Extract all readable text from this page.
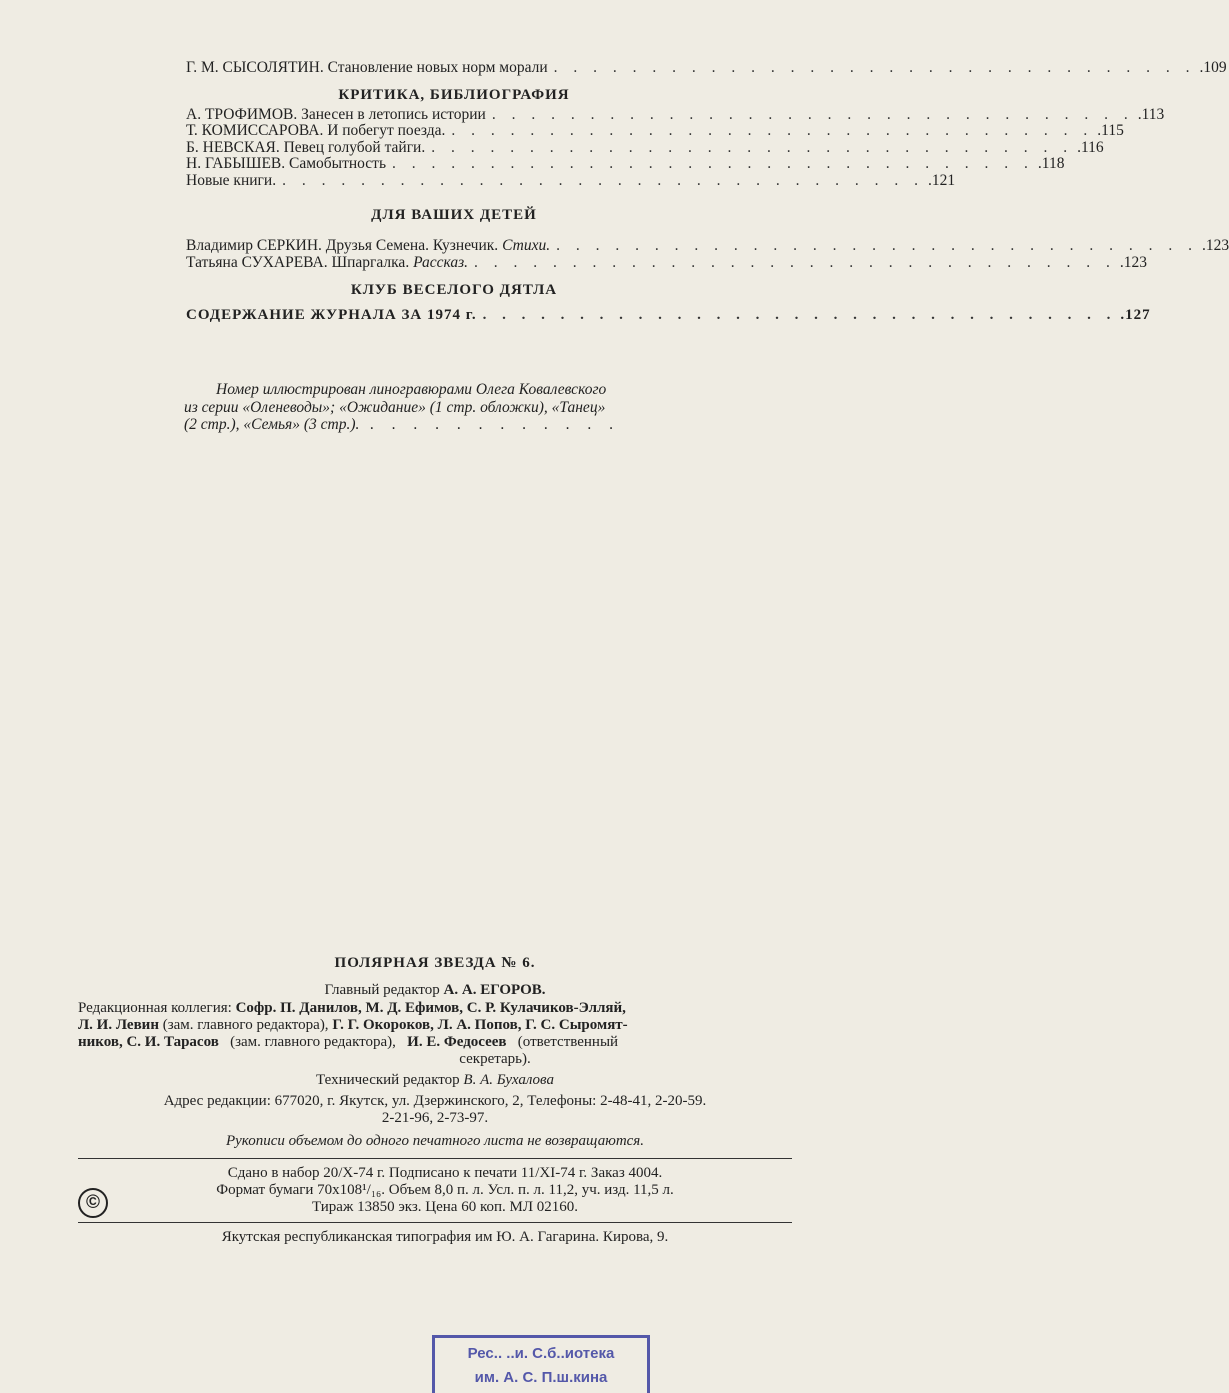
Г. М. СЫСОЛЯТИН. Становление новых норм морали . . . . . . . . . . . . . . . . . . . . . . . . . . . . . . . . . .109
КРИТИКА, БИБЛИОГРАФИЯ
А. ТРОФИМОВ. Занесен в летопись истории . . . . . . . . . . . . . . . . . . . . . . . . . . . . . . . . . .113
Т. КОМИССАРОВА. И побегут поезда. . . . . . . . . . . . . . . . . . . . . . . . . . . . . . . . . . .115
Б. НЕВСКАЯ. Певец голубой тайги. . . . . . . . . . . . . . . . . . . . . . . . . . . . . . . . . . .116
Н. ГАБЫШЕВ. Самобытность . . . . . . . . . . . . . . . . . . . . . . . . . . . . . . . . . .118
Новые книги. . . . . . . . . . . . . . . . . . . . . . . . . . . . . . . . . . .121
ДЛЯ ВАШИХ ДЕТЕЙ
Владимир СЕРКИН. Друзья Семена. Кузнечик. Стихи. . . . . . . . . . . . . . . . . . . . . . . . . . . . . . . . . . .123
Татьяна СУХАРЕВА. Шпаргалка. Рассказ. . . . . . . . . . . . . . . . . . . . . . . . . . . . . . . . . . .123
КЛУБ ВЕСЕЛОГО ДЯТЛА
СОДЕРЖАНИЕ ЖУРНАЛА ЗА 1974 г. . . . . . . . . . . . . . . . . . . . . . . . . . . . . . . . . . .127

Номер иллюстрирован линогравюрами Олега Ковалевского

из серии «Оленеводы»; «Ожидание» (1 стр. обложки), «Танец»

(2 стр.), «Семья» (3 стр.). . . . . . . . . . . . .

ПОЛЯРНАЯ ЗВЕЗДА № 6.
Главный редактор А. А. ЕГОРОВ.
Редакционная коллегия: Софр. П. Данилов, М. Д. Ефимов, С. Р. Кулачиков-Элляй,
Л. И. Левин (зам. главного редактора), Г. Г. Окороков, Л. А. Попов, Г. С. Сыромят-
ников, С. И. Тарасов (зам. главного редактора), И. Е. Федосеев (ответственный
секретарь).
Технический редактор В. А. Бухалова
Адрес редакции: 677020, г. Якутск, ул. Дзержинского, 2, Телефоны: 2-48-41, 2-20-59.
2-21-96, 2-73-97.
Рукописи объемом до одного печатного листа не возвращаются.
Сдано в набор 20/X-74 г. Подписано к печати 11/XI-74 г. Заказ 4004.
Формат бумаги 70x108¹/₁₆. Объем 8,0 п. л. Усл. п. л. 11,2, уч. изд. 11,5 л.
Тираж 13850 экз. Цена 60 коп. МЛ 02160.
Якутская республиканская типография им Ю. А. Гагарина. Кирова, 9.
©
Рес.. ..и. С.б..иотека
им. А. С. П.ш.кина
